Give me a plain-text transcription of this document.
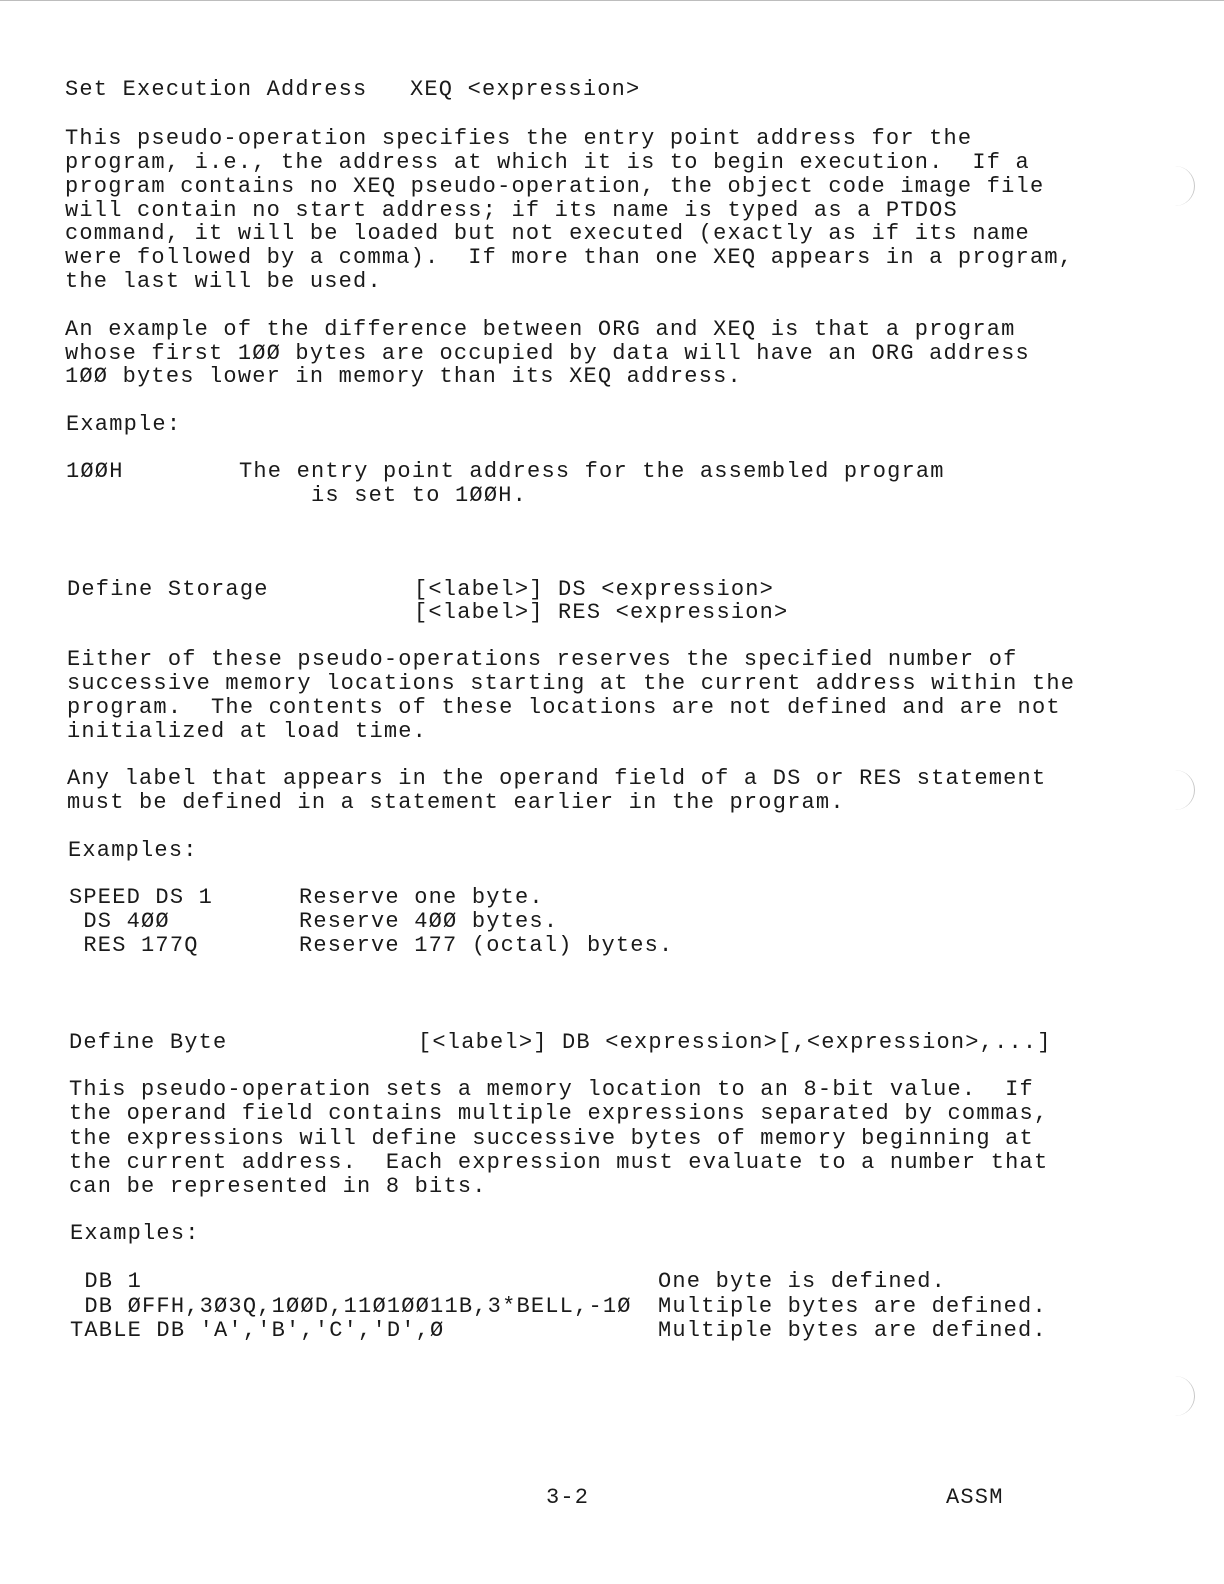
Set Execution Address XEQ <expression>
This pseudo-operation specifies the entry point address for the
program, i.e., the address at which it is to begin execution.  If a
program contains no XEQ pseudo-operation, the object code image file
will contain no start address; if its name is typed as a PTDOS
command, it will be loaded but not executed (exactly as if its name
were followed by a comma).  If more than one XEQ appears in a program,
the last will be used.
An example of the difference between ORG and XEQ is that a program
whose first 1ØØ bytes are occupied by data will have an ORG address
1ØØ bytes lower in memory than its XEQ address.
Example:
1ØØH	The entry point address for the assembled program
is set to 1ØØH.
Define Storage	[<label>] DS <expression>
[<label>] RES <expression>
Either of these pseudo-operations reserves the specified number of
successive memory locations starting at the current address within the
program.  The contents of these locations are not defined and are not
initialized at load time.
Any label that appears in the operand field of a DS or RES statement
must be defined in a statement earlier in the program.
Examples:
SPEED DS 1	Reserve one byte.
DS 4ØØ	Reserve 4ØØ bytes.
RES 177Q	Reserve 177 (octal) bytes.
Define Byte	[<label>] DB <expression>[,<expression>,...]
This pseudo-operation sets a memory location to an 8-bit value.  If
the operand field contains multiple expressions separated by commas,
the expressions will define successive bytes of memory beginning at
the current address.  Each expression must evaluate to a number that
can be represented in 8 bits.
Examples:
DB 1	One byte is defined.
DB ØFFH,3Ø3Q,1ØØD,11Ø1ØØ11B,3*BELL,-1Ø Multiple bytes are defined.
TABLE DB 'A','B','C','D',Ø	Multiple bytes are defined.
3-2	ASSM
